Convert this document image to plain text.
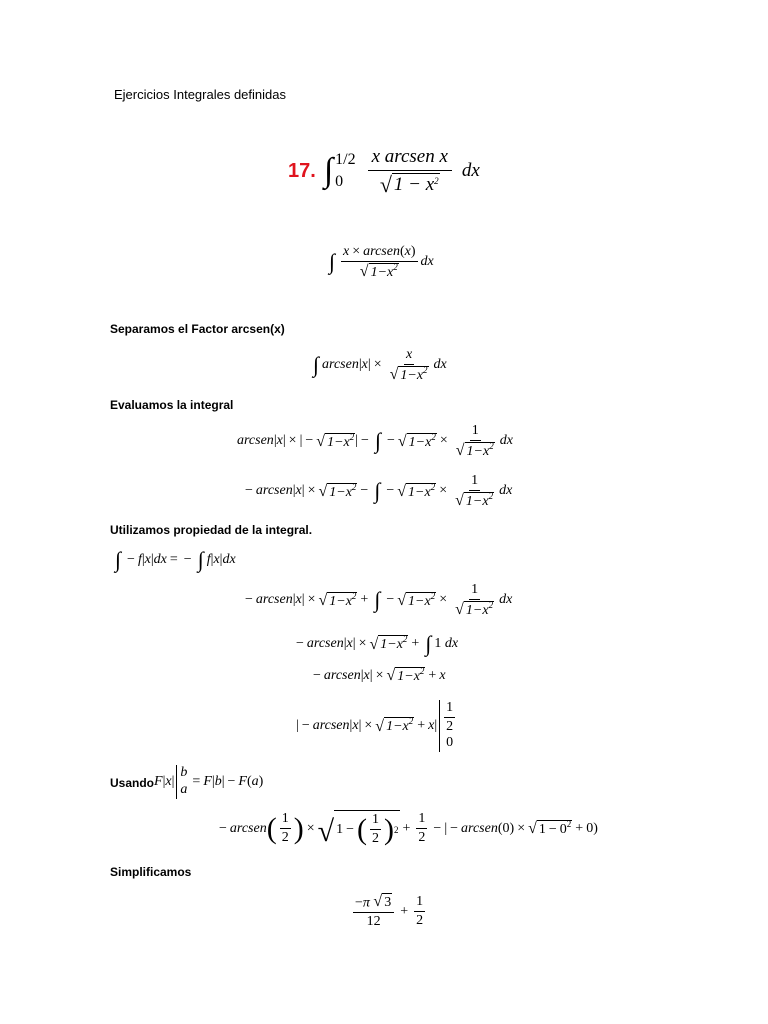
Ejercicios Integrales definidas
17. ∫ 1/2
0	$\frac{\text{x arcsen x}}{√ 1 - x^2}$ dx
∫ $\frac{\text{x × arcsen(x)}}{√ 1-x^2}$ dx
Separamos el Factor arcsen(x)
∫ arcsen | x | × $\frac{x}{√ 1-x^2}$ dx
Evaluamos la integral
arcsen | x | × | − √ $1-x^2$ | − ∫ − √ $1-x^2 \times \frac{1}{√ 1-x^2}$ dx
− arcsen | x | × √ $1-x^2$ − ∫ − √ $1-x^2 \times \frac{1}{√ 1-x^2}$ dx
Utilizamos propiedad de la integral.
∫ − f | x | dx = − ∫ f | x | dx
− arcsen | x | × √ $1-x^2$ + ∫ − √ $1-x^2 \times \frac{1}{√ 1-x^2}$ dx
− arcsen | x | × √ $1-x^2$ + ∫ 1
dx
− arcsen | x | × √ $1-x^2 + x$
| − arcsen | x | × √ $1-x^2 + x$ | $\frac{1}{2}$
0
Usando F | x |
b
a
= F | b | − F ( a )
− arcsen ( $\frac{1}{2}$ ) × √ 1 − ( $\frac{1}{2}$ ) $2 + \frac{1}{2}$ − | − arcsen ( 0 ) × √ $1 - 0^2 + 0$ )
Simplificamos
$\frac{-\pi √ 3}{12} + \frac{1}{2}$
